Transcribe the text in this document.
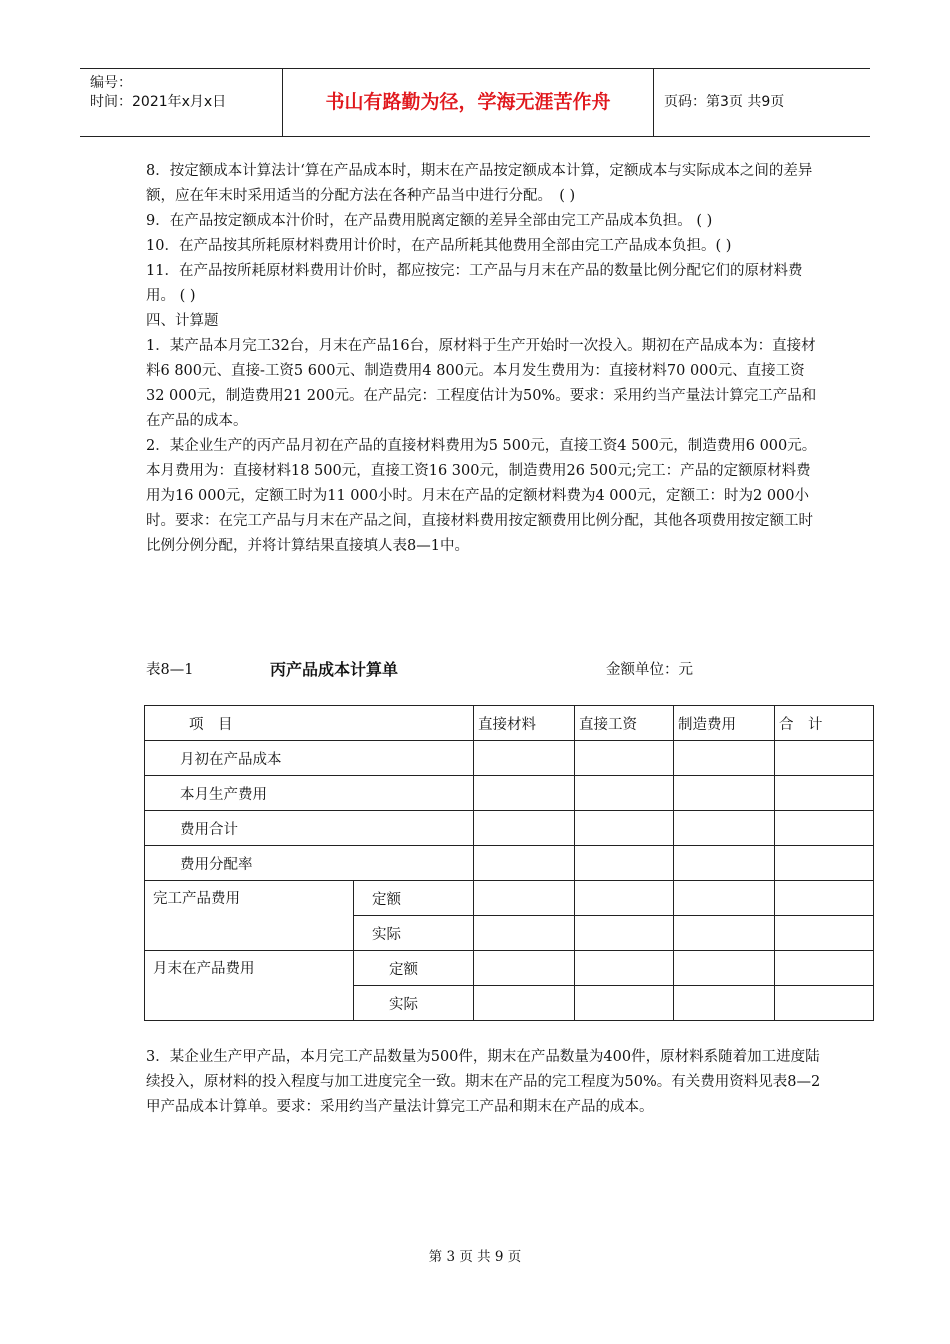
编号：
时间：2021年x月x日	书山有路勤为径，学海无涯苦作舟	页码：第3页 共9页

8．按定额成本计算法计‘算在产品成本时，期末在产品按定额成本计算，定额成本与实际成本之间的差异额，应在年末时采用适当的分配方法在各种产品当中进行分配。　( )

9．在产品按定额成本汁价时，在产品费用脱离定额的差异全部由完工产品成本负担。 ( )

10．在产品按其所耗原材料费用计价时，在产品所耗其他费用全部由完工产品成本负担。( )

11．在产品按所耗原材料费用计价时，都应按完：工产品与月末在产品的数量比例分配它们的原材料费用。 ( )

四、计算题

1．某产品本月完工32台，月末在产品16台，原材料于生产开始时一次投入。期初在产品成本为：直接材料6 800元、直接-工资5 600元、制造费用4 800元。本月发生费用为：直接材料70 000元、直接工资32 000元，制造费用21 200元。在产品完：工程度估计为50%。要求：采用约当产量法计算完工产品和在产品的成本。

2．某企业生产的丙产品月初在产品的直接材料费用为5 500元，直接工资4 500元，制造费用6 000元。本月费用为：直接材料18 500元，直接工资16 300元，制造费用26 500元;完工：产品的定额原材料费用为16 000元，定额工时为11 000小时。月末在产品的定额材料费为4 000元，定额工：时为2 000小时。要求：在完工产品与月末在产品之间，直接材料费用按定额费用比例分配，其他各项费用按定额工时比例分例分配，并将计算结果直接填人表8—1中。

表8—1	丙产品成本计算单	金额单位：元
项　目		直接材料	直接工资	制造费用	合　计
月初在产品成本					
本月生产费用					
费用合计					
费用分配率					
完工产品费用	定额				
	实际				
月末在产品费用	定额				
	实际				

3．某企业生产甲产品，本月完工产品数量为500件，期末在产品数量为400件，原材料系随着加工进度陆续投入，原材料的投入程度与加工进度完全一致。期末在产品的完工程度为50%。有关费用资料见表8—2甲产品成本计算单。要求：采用约当产量法计算完工产品和期末在产品的成本。

第 3 页 共 9 页
